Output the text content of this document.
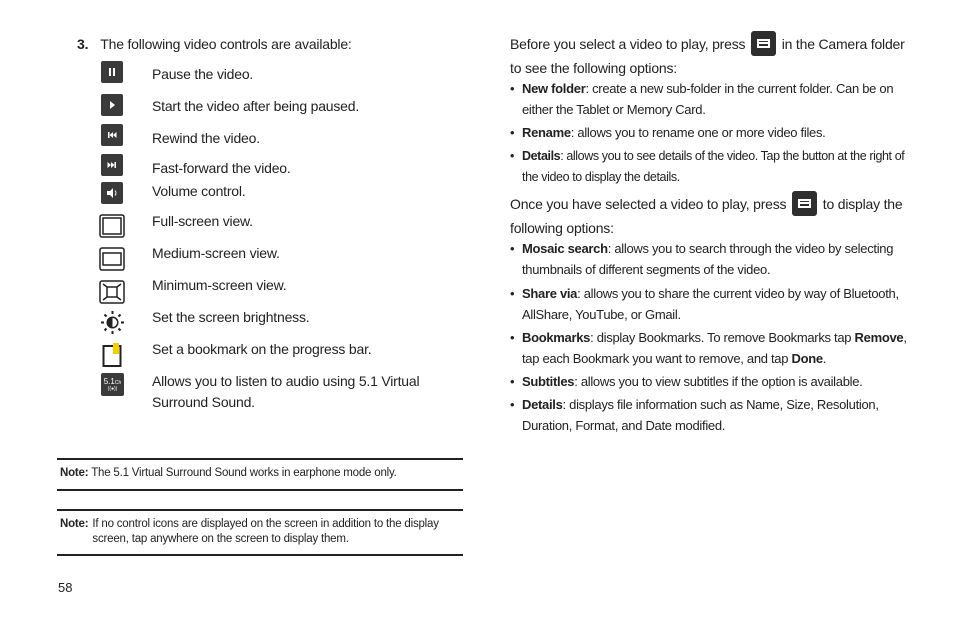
3. The following video controls are available:
Pause the video.
Start the video after being paused.
Rewind the video.
Fast-forward the video.
Volume control.
Full-screen view.
Medium-screen view.
Minimum-screen view.
Set the screen brightness.
Set a bookmark on the progress bar.
5.1Ch
((●)) Allows you to listen to audio using 5.1 Virtual
Surround Sound.
Note: The 5.1 Virtual Surround Sound works in earphone mode only.
Note: If no control icons are displayed on the screen in addition to the display screen, tap anywhere on the screen to display them.
58
Before you select a video to play, press	in the Camera folder to see the following options:
• New folder: create a new sub-folder in the current folder. Can be on either the Tablet or Memory Card.
• Rename: allows you to rename one or more video files.
• Details: allows you to see details of the video. Tap the button at the right of the video to display the details.
Once you have selected a video to play, press	to display the following options:
• Mosaic search: allows you to search through the video by selecting thumbnails of different segments of the video.
• Share via: allows you to share the current video by way of Bluetooth, AllShare, YouTube, or Gmail.
• Bookmarks: display Bookmarks. To remove Bookmarks tap Remove, tap each Bookmark you want to remove, and tap Done.
• Subtitles: allows you to view subtitles if the option is available.
• Details: displays file information such as Name, Size, Resolution, Duration, Format, and Date modified.
